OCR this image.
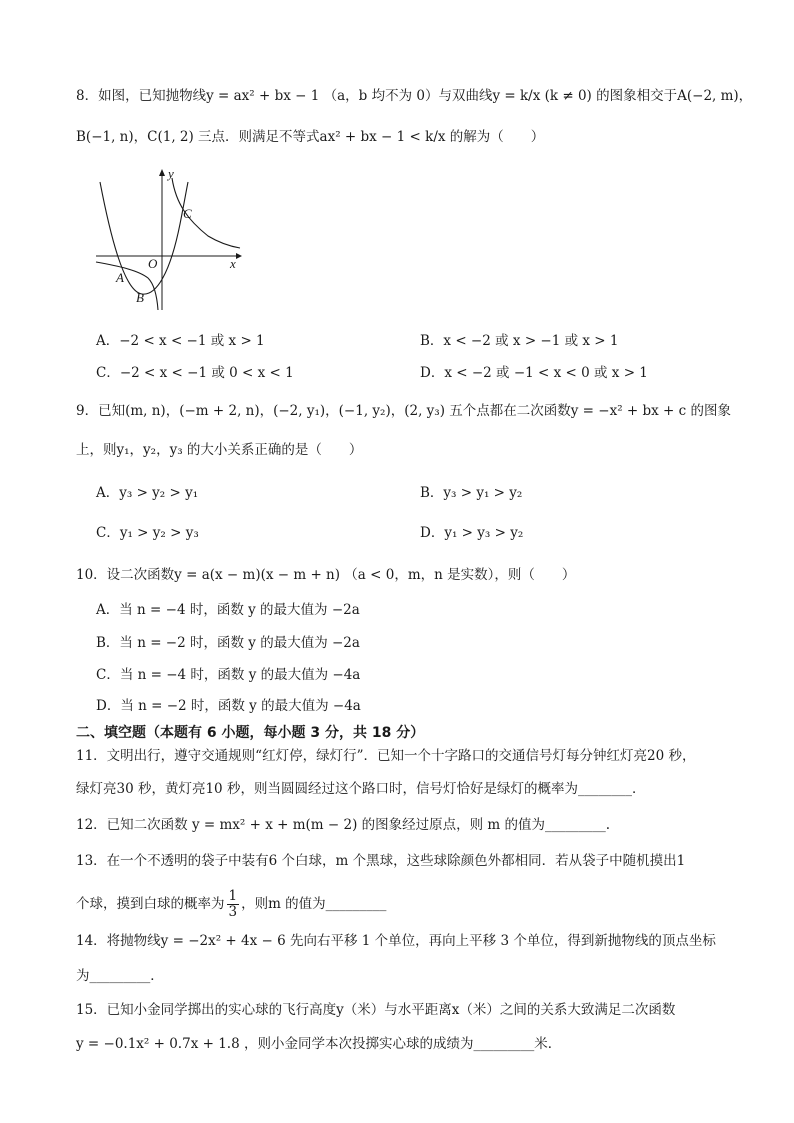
8．如图，已知抛物线y = ax² + bx − 1 （a，b 均不为 0）与双曲线y = k/x (k ≠ 0) 的图象相交于A(−2, m)，
B(−1, n)，C(1, 2) 三点．则满足不等式ax² + bx − 1 < k/x 的解为（　　）
y
x
O
A
B
C
A．−2 < x < −1 或 x > 1	B．x < −2 或 x > −1 或 x > 1
C．−2 < x < −1 或 0 < x < 1	D．x < −2 或 −1 < x < 0 或 x > 1
9．已知(m, n)，(−m + 2, n)，(−2, y₁)，(−1, y₂)，(2, y₃) 五个点都在二次函数y = −x² + bx + c 的图象
上，则y₁，y₂，y₃ 的大小关系正确的是（　　）
A．y₃ > y₂ > y₁	B．y₃ > y₁ > y₂
C．y₁ > y₂ > y₃	D．y₁ > y₃ > y₂
10．设二次函数y = a(x − m)(x − m + n) （a < 0，m，n 是实数），则（　　）
A．当 n = −4 时，函数 y 的最大值为 −2a
B．当 n = −2 时，函数 y 的最大值为 −2a
C．当 n = −4 时，函数 y 的最大值为 −4a
D．当 n = −2 时，函数 y 的最大值为 −4a
二、填空题（本题有 6 小题，每小题 3 分，共 18 分）
11．文明出行，遵守交通规则“红灯停，绿灯行”．已知一个十字路口的交通信号灯每分钟红灯亮20 秒，
绿灯亮30 秒，黄灯亮10 秒，则当圆圆经过这个路口时，信号灯恰好是绿灯的概率为________．
12．已知二次函数 y = mx² + x + m(m − 2) 的图象经过原点，则 m 的值为_________.
13．在一个不透明的袋子中装有6 个白球，m 个黑球，这些球除颜色外都相同．若从袋子中随机摸出1
个球，摸到白球的概率为 $\frac{1}{3}$ ，则m 的值为_________
14．将抛物线y = −2x² + 4x − 6 先向右平移 1 个单位，再向上平移 3 个单位，得到新抛物线的顶点坐标
为_________．
15．已知小金同学掷出的实心球的飞行高度y（米）与水平距离x（米）之间的关系大致满足二次函数
y = −0.1x² + 0.7x + 1.8 ，则小金同学本次投掷实心球的成绩为_________米．
